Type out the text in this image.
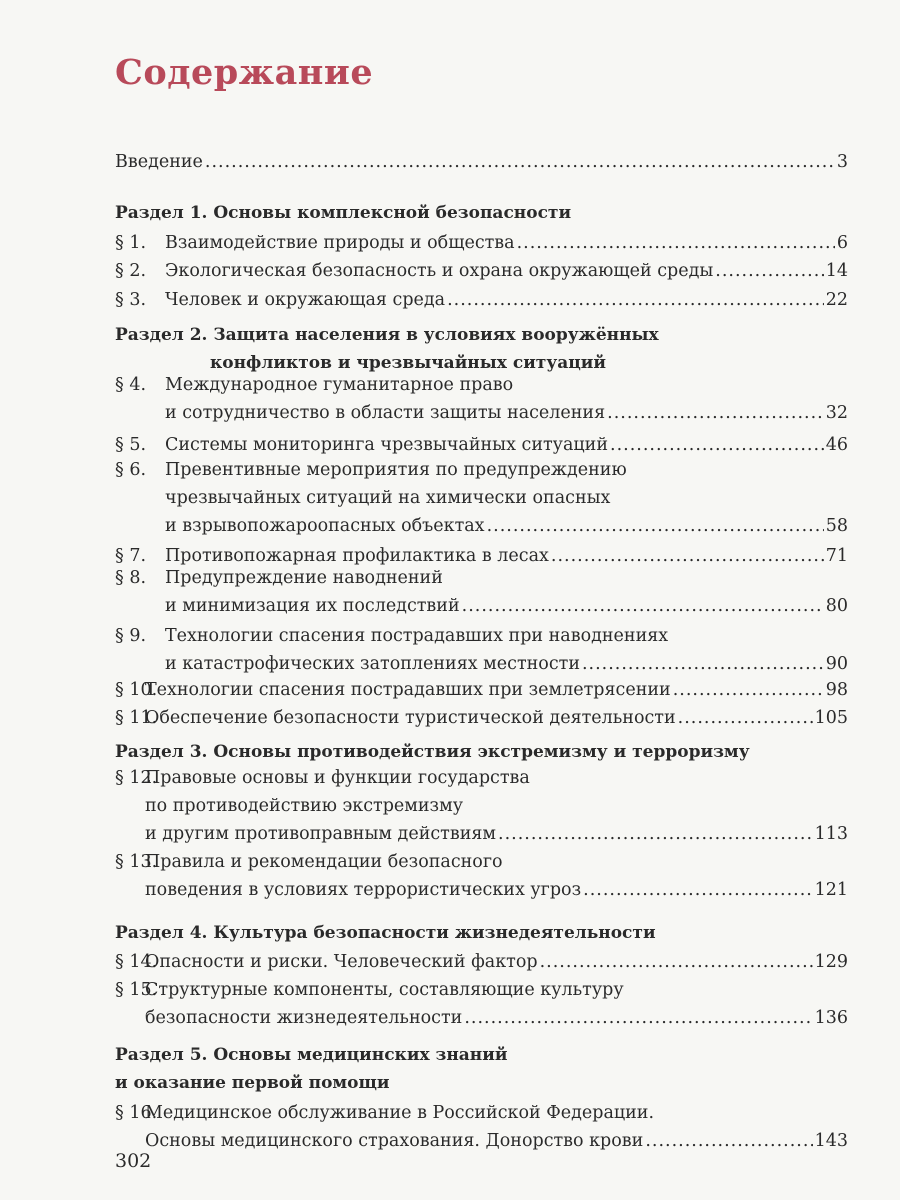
Содержание
Введение .....	3
Раздел 1. Основы комплексной безопасности
§ 1.	Взаимодействие природы и общества .....	6
§ 2.	Экологическая безопасность и охрана окружающей среды .....	14
§ 3.	Человек и окружающая среда .....	22
Раздел 2. Защита населения в условиях вооружённых
конфликтов и чрезвычайных ситуаций
§ 4.	Международное гуманитарное право
и сотрудничество в области защиты населения .....	32
§ 5.	Системы мониторинга чрезвычайных ситуаций .....	46
§ 6.	Превентивные мероприятия по предупреждению
чрезвычайных ситуаций на химически опасных
и взрывопожароопасных объектах .....	58
§ 7.	Противопожарная профилактика в лесах .....	71
§ 8.	Предупреждение наводнений
и минимизация их последствий .....	80
§ 9.	Технологии спасения пострадавших при наводнениях
и катастрофических затоплениях местности .....	90
§ 10.
Технологии спасения пострадавших при землетрясении .....	98
§ 11.
Обеспечение безопасности туристической деятельности .....	105
Раздел 3. Основы противодействия экстремизму и терроризму
§ 12.
Правовые основы и функции государства
по противодействию экстремизму
и другим противоправным действиям .....	113
§ 13.
Правила и рекомендации безопасного
поведения в условиях террористических угроз .....	121
Раздел 4. Культура безопасности жизнедеятельности
§ 14.
Опасности и риски. Человеческий фактор .....	129
§ 15.
Структурные компоненты, составляющие культуру
безопасности жизнедеятельности .....	136
Раздел 5. Основы медицинских знаний
и оказание первой помощи
§ 16.
Медицинское обслуживание в Российской Федерации.
Основы медицинского страхования. Донорство крови .....	143
302
